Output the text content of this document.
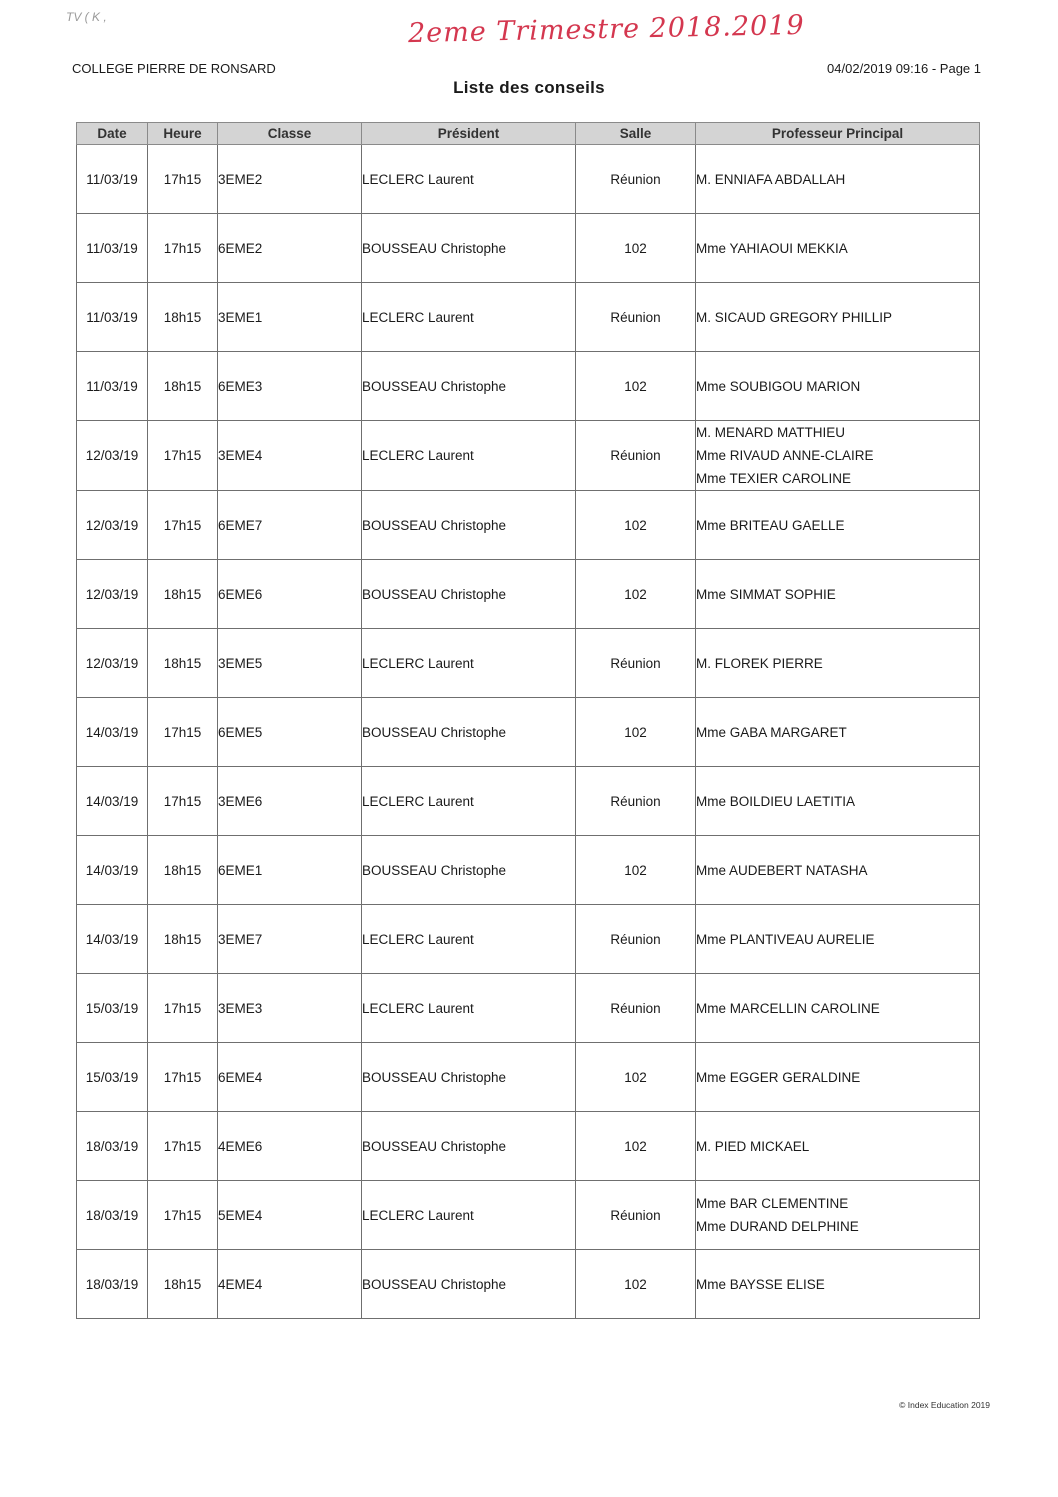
TV ( K ,	2eme Trimestre 2018.2019
COLLEGE PIERRE DE RONSARD	04/02/2019 09:16 - Page 1
Liste des conseils
Date	Heure	Classe	Président	Salle	Professeur Principal
11/03/19	17h15	3EME2	LECLERC Laurent	Réunion	M. ENNIAFA ABDALLAH

11/03/19	17h15	6EME2	BOUSSEAU Christophe	102	Mme YAHIAOUI MEKKIA

11/03/19	18h15	3EME1	LECLERC Laurent	Réunion	M. SICAUD GREGORY PHILLIP

11/03/19	18h15	6EME3	BOUSSEAU Christophe	102	Mme SOUBIGOU MARION

12/03/19	17h15	3EME4	LECLERC Laurent	Réunion	M. MENARD MATTHIEU
Mme RIVAUD ANNE-CLAIRE
Mme TEXIER CAROLINE

12/03/19	17h15	6EME7	BOUSSEAU Christophe	102	Mme BRITEAU GAELLE

12/03/19	18h15	6EME6	BOUSSEAU Christophe	102	Mme SIMMAT SOPHIE

12/03/19	18h15	3EME5	LECLERC Laurent	Réunion	M. FLOREK PIERRE

14/03/19	17h15	6EME5	BOUSSEAU Christophe	102	Mme GABA MARGARET

14/03/19	17h15	3EME6	LECLERC Laurent	Réunion	Mme BOILDIEU LAETITIA

14/03/19	18h15	6EME1	BOUSSEAU Christophe	102	Mme AUDEBERT NATASHA

14/03/19	18h15	3EME7	LECLERC Laurent	Réunion	Mme PLANTIVEAU AURELIE

15/03/19	17h15	3EME3	LECLERC Laurent	Réunion	Mme MARCELLIN CAROLINE

15/03/19	17h15	6EME4	BOUSSEAU Christophe	102	Mme EGGER GERALDINE

18/03/19	17h15	4EME6	BOUSSEAU Christophe	102	M. PIED MICKAEL

18/03/19	17h15	5EME4	LECLERC Laurent	Réunion	Mme BAR CLEMENTINE
Mme DURAND DELPHINE

18/03/19	18h15	4EME4	BOUSSEAU Christophe	102	Mme BAYSSE ELISE
© Index Education 2019
